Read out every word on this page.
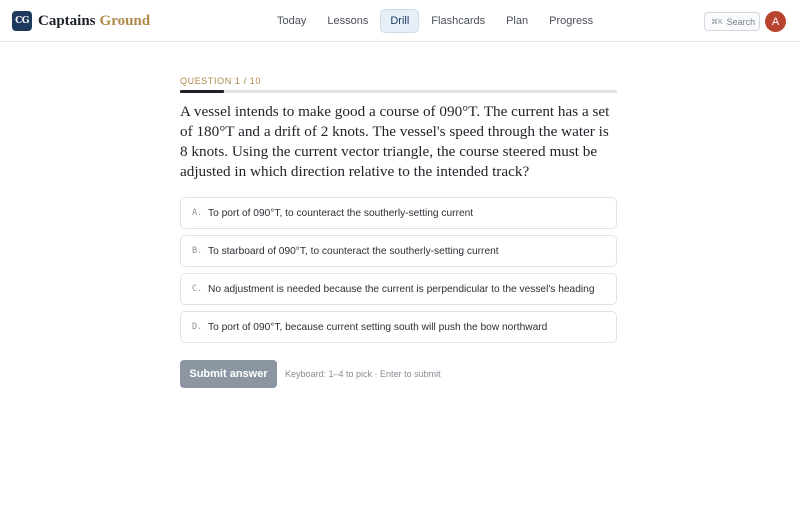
CG Captains Ground	Today	Lessons	Drill	Flashcards	Plan	Progress	⌘K Search	A
QUESTION 1 / 10

A vessel intends to make good a course of 090°T. The current has a set of 180°T and a drift of 2 knots. The vessel's speed through the water is 8 knots. Using the current vector triangle, the course steered must be adjusted in which direction relative to the intended track?

A. To port of 090°T, to counteract the southerly-setting current
B. To starboard of 090°T, to counteract the southerly-setting current
C. No adjustment is needed because the current is perpendicular to the vessel's heading
D. To port of 090°T, because current setting south will push the bow northward
Submit answer	Keyboard: 1–4 to pick · Enter to submit
